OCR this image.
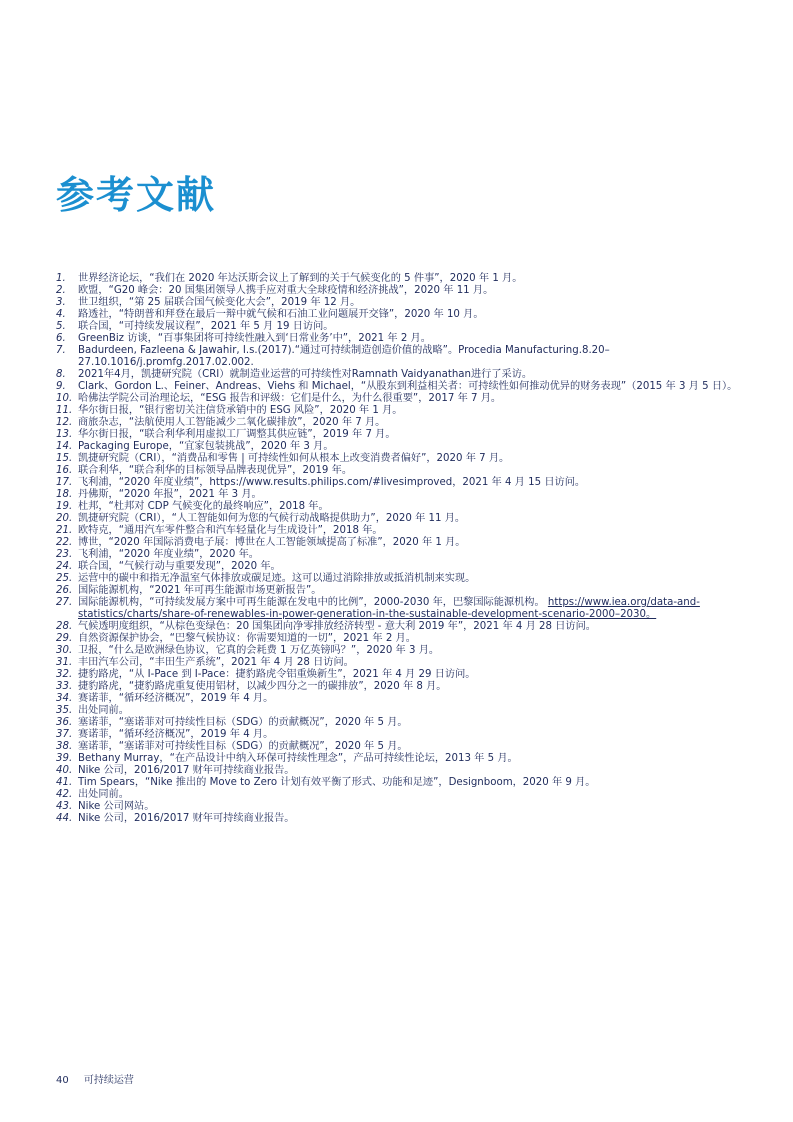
参考文献
1. 世界经济论坛，“我们在 2020 年达沃斯会议上了解到的关于气候变化的 5 件事”，2020 年 1 月。
2. 欧盟，“G20 峰会：20 国集团领导人携手应对重大全球疫情和经济挑战”，2020 年 11 月。
3. 世卫组织，“第 25 届联合国气候变化大会”，2019 年 12 月。
4. 路透社，“特朗普和拜登在最后一辩中就气候和石油工业问题展开交锋”，2020 年 10 月。
5. 联合国，“可持续发展议程”，2021 年 5 月 19 日访问。
6. GreenBiz 访谈，“百事集团将可持续性融入到‘日常业务’中”，2021 年 2 月。
7. Badurdeen, Fazleena & Jawahir, I.s.(2017).“通过可持续制造创造价值的战略”。Procedia Manufacturing.8.20–27.10.1016/j.promfg.2017.02.002.
8. 2021年4月，凯捷研究院（CRI）就制造业运营的可持续性对Ramnath Vaidyanathan进行了采访。
9. Clark、Gordon L.、Feiner、Andreas、Viehs 和 Michael，“从股东到利益相关者：可持续性如何推动优异的财务表现”（2015 年 3 月 5 日）。
10. 哈佛法学院公司治理论坛，“ESG 报告和评级：它们是什么，为什么很重要”，2017 年 7 月。
11. 华尔街日报，“银行密切关注信贷承销中的 ESG 风险”，2020 年 1 月。
12. 商旅杂志，“法航使用人工智能减少二氧化碳排放”，2020 年 7 月。
13. 华尔街日报，“联合利华利用虚拟工厂调整其供应链”，2019 年 7 月。
14. Packaging Europe，“宜家包装挑战”，2020 年 3 月。
15. 凯捷研究院（CRI），“消费品和零售 | 可持续性如何从根本上改变消费者偏好”，2020 年 7 月。
16. 联合利华，“联合利华的目标领导品牌表现优异”，2019 年。
17. 飞利浦，“2020 年度业绩”，https://www.results.philips.com/#livesimproved，2021 年 4 月 15 日访问。
18. 丹佛斯，“2020 年报”，2021 年 3 月。
19. 杜邦，“杜邦对 CDP 气候变化的最终响应”，2018 年。
20. 凯捷研究院（CRI），“人工智能如何为您的气候行动战略提供助力”，2020 年 11 月。
21. 欧特克，“通用汽车零件整合和汽车轻量化与生成设计”，2018 年。
22. 博世，“2020 年国际消费电子展：博世在人工智能领域提高了标准”，2020 年 1 月。
23. 飞利浦，“2020 年度业绩”，2020 年。
24. 联合国，“气候行动与重要发现”，2020 年。
25. 运营中的碳中和指无净温室气体排放或碳足迹。这可以通过消除排放或抵消机制来实现。
26. 国际能源机构，“2021 年可再生能源市场更新报告”。
27. 国际能源机构，“可持续发展方案中可再生能源在发电中的比例”，2000-2030 年，巴黎国际能源机构。 https://www.iea.org/data-and-statistics/charts/share-of-renewables-in-power-generation-in-the-sustainable-development-scenario-2000–2030。
28. 气候透明度组织，“从棕色变绿色：20 国集团向净零排放经济转型 - 意大利 2019 年”，2021 年 4 月 28 日访问。
29. 自然资源保护协会，“巴黎气候协议：你需要知道的一切”，2021 年 2 月。
30. 卫报，“什么是欧洲绿色协议，它真的会耗费 1 万亿英镑吗？”，2020 年 3 月。
31. 丰田汽车公司，“丰田生产系统”，2021 年 4 月 28 日访问。
32. 捷豹路虎，“从 I-Pace 到 I-Pace：捷豹路虎令铝重焕新生”，2021 年 4 月 29 日访问。
33. 捷豹路虎，“捷豹路虎重复使用铝材，以减少四分之一的碳排放”，2020 年 8 月。
34. 赛诺菲，“循环经济概况”，2019 年 4 月。
35. 出处同前。
36. 塞诺菲，“塞诺菲对可持续性目标（SDG）的贡献概况”，2020 年 5 月。
37. 赛诺菲，“循环经济概况”，2019 年 4 月。
38. 塞诺菲，“塞诺菲对可持续性目标（SDG）的贡献概况”，2020 年 5 月。
39. Bethany Murray，“在产品设计中纳入环保可持续性理念”，产品可持续性论坛，2013 年 5 月。
40. Nike 公司，2016/2017 财年可持续商业报告。
41. Tim Spears，“Nike 推出的 Move to Zero 计划有效平衡了形式、功能和足迹”，Designboom，2020 年 9 月。
42. 出处同前。
43. Nike 公司网站。
44. Nike 公司，2016/2017 财年可持续商业报告。
40 可持续运营
